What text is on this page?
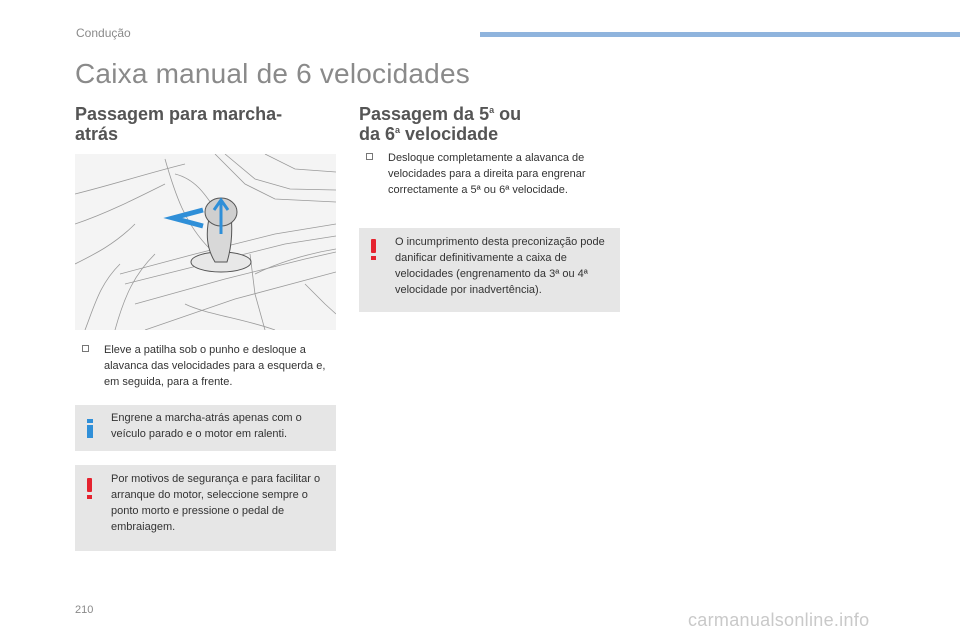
Condução
Caixa manual de 6 velocidades
Passagem para marcha-atrás
Passagem da 5$^a$ ou
da 6$^a$ velocidade
Eleve a patilha sob o punho e desloque a alavanca das velocidades para a esquerda e, em seguida, para a frente.
Engrene a marcha-atrás apenas com o veículo parado e o motor em ralenti.
Por motivos de segurança e para facilitar o arranque do motor, seleccione sempre o ponto morto e pressione o pedal de embraiagem.
Desloque completamente a alavanca de velocidades para a direita para engrenar correctamente a 5ª ou 6ª velocidade.
O incumprimento desta preconização pode danificar definitivamente a caixa de velocidades (engrenamento da 3ª ou 4ª velocidade por inadvertência).
210	carmanualsonline.info
